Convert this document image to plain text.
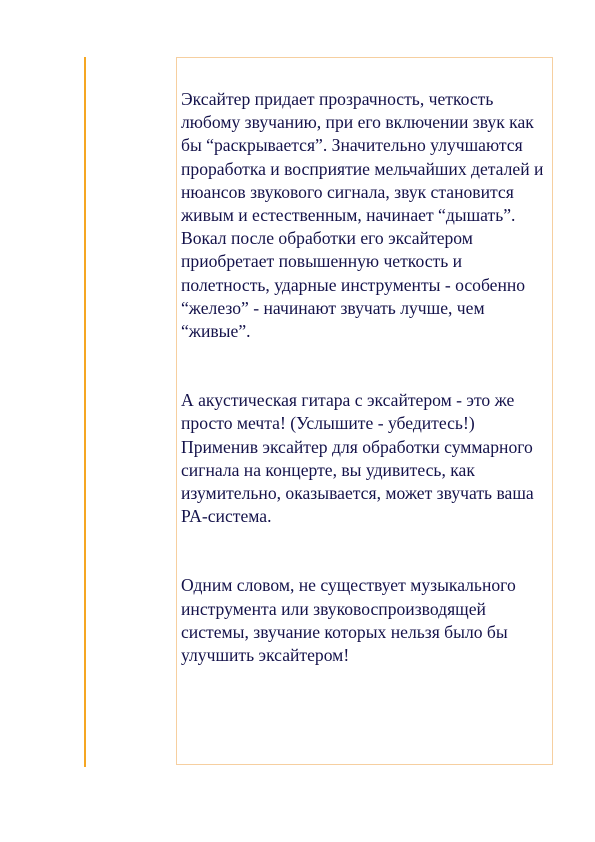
Эксайтер придает прозрачность, четкость любому звучанию, при его включении звук как бы “раскрывается”. Значительно улучшаются проработка и восприятие мельчайших деталей и нюансов звукового сигнала, звук становится живым и естественным, начинает “дышать”. Вокал после обработки его эксайтером приобретает повышенную четкость и полетность, ударные инструменты - особенно “железо” - начинают звучать лучше, чем “живые”.

А акустическая гитара с эксайтером - это же просто мечта! (Услышите - убедитесь!) Применив эксайтер для обработки суммарного сигнала на концерте, вы удивитесь, как изумительно, оказывается, может звучать ваша PA-система.

Одним словом, не существует музыкального инструмента или звуковоспроизводящей системы, звучание которых нельзя было бы улучшить эксайтером!
